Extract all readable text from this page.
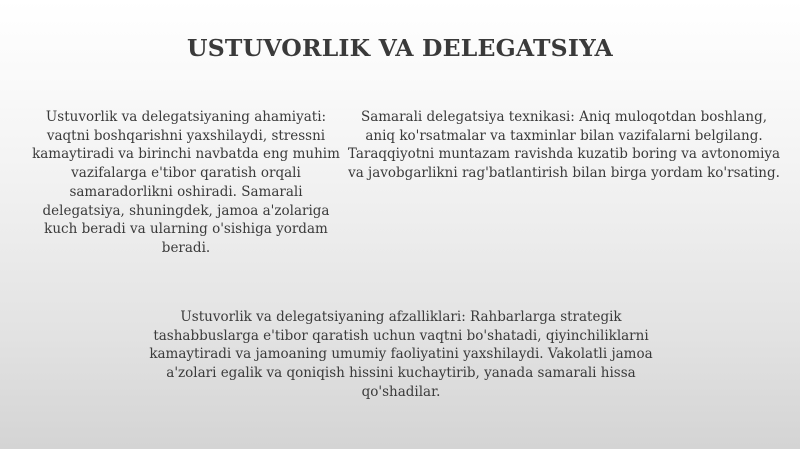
USTUVORLIK VA DELEGATSIYA

Ustuvorlik va delegatsiyaning ahamiyati: vaqtni boshqarishni yaxshilaydi, stressni kamaytiradi va birinchi navbatda eng muhim vazifalarga e'tibor qaratish orqali samaradorlikni oshiradi. Samarali delegatsiya, shuningdek, jamoa a'zolariga kuch beradi va ularning o'sishiga yordam beradi.

Samarali delegatsiya texnikasi: Aniq muloqotdan boshlang, aniq ko'rsatmalar va taxminlar bilan vazifalarni belgilang. Taraqqiyotni muntazam ravishda kuzatib boring va avtonomiya va javobgarlikni rag'batlantirish bilan birga yordam ko'rsating.

Ustuvorlik va delegatsiyaning afzalliklari: Rahbarlarga strategik tashabbuslarga e'tibor qaratish uchun vaqtni bo'shatadi, qiyinchiliklarni kamaytiradi va jamoaning umumiy faoliyatini yaxshilaydi. Vakolatli jamoa a'zolari egalik va qoniqish hissini kuchaytirib, yanada samarali hissa qo'shadilar.
